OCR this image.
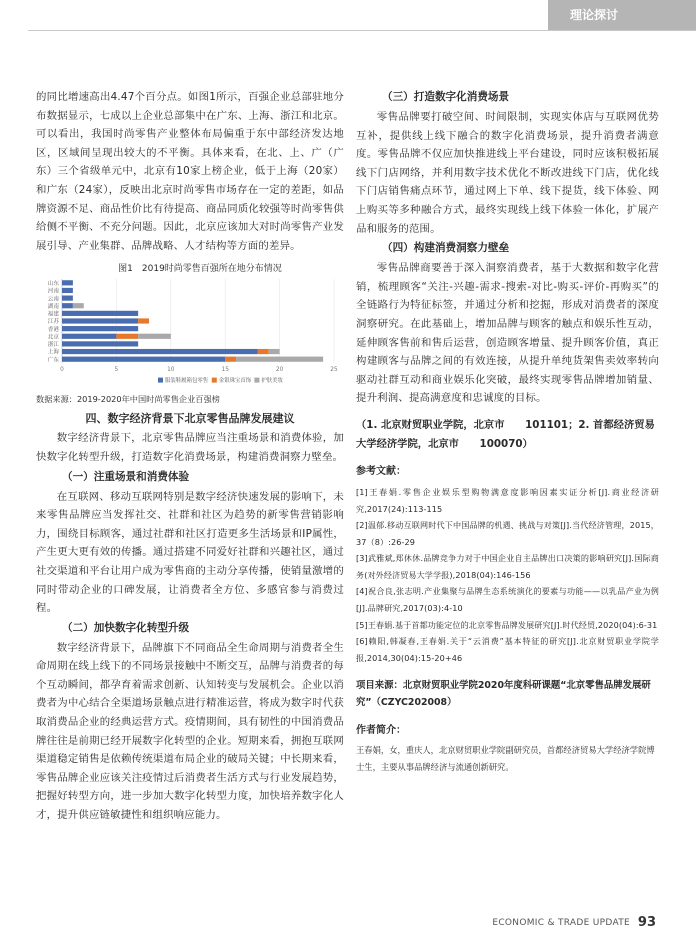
理论探讨

的同比增速高出4.47个百分点。如图1所示，百强企业总部驻地分布数据显示，七成以上企业总部集中在广东、上海、浙江和北京。可以看出，我国时尚零售产业整体布局偏重于东中部经济发达地区，区域间呈现出较大的不平衡。具体来看，在北、上、广（广东）三个省级单元中，北京有10家上榜企业，低于上海（20家）和广东（24家），反映出北京时尚零售市场存在一定的差距，如品牌资源不足、商品性价比有待提高、商品同质化较强等时尚零售供给侧不平衡、不充分问题。因此，北京应该加大对时尚零售产业发展引导、产业集群、品牌战略、人才结构等方面的差异。

图1　2019时尚零售百强所在地分布情况
山东
河南
云南
湖南
福建
江苏
香港
北京
浙江
上海
广东
0	5	10	15	20	25
服装鞋履箱包零售 金银珠宝首饰 护肤美妆
数据来源：2019-2020年中国时尚零售企业百强榜
四、数字经济背景下北京零售品牌发展建议

数字经济背景下，北京零售品牌应当注重场景和消费体验，加快数字化转型升级，打造数字化消费场景，构建消费洞察力壁垒。

（一）注重场景和消费体验

在互联网、移动互联网特别是数字经济快速发展的影响下，未来零售品牌应当发挥社交、社群和社区为趋势的新零售营销影响力，围绕目标顾客，通过社群和社区打造更多生活场景和IP属性，产生更大更有效的传播。通过搭建不同爱好社群和兴趣社区，通过社交渠道和平台让用户成为零售商的主动分享传播，使销量激增的同时带动企业的口碑发展，让消费者全方位、多感官参与消费过程。

（二）加快数字化转型升级

数字经济背景下，品牌旗下不同商品全生命周期与消费者全生命周期在线上线下的不同场景接触中不断交互，品牌与消费者的每个互动瞬间，都孕育着需求创新、认知转变与发展机会。企业以消费者为中心结合全渠道场景触点进行精准运营，将成为数字时代获取消费品企业的经典运营方式。疫情期间，具有韧性的中国消费品牌往往是前期已经开展数字化转型的企业。短期来看，拥抱互联网渠道稳定销售是依赖传统渠道布局企业的破局关键；中长期来看，零售品牌企业应该关注疫情过后消费者生活方式与行业发展趋势，把握好转型方向，进一步加大数字化转型力度，加快培养数字化人才，提升供应链敏捷性和组织响应能力。

（三）打造数字化消费场景

零售品牌要打破空间、时间限制，实现实体店与互联网优势互补，提供线上线下融合的数字化消费场景，提升消费者满意度。零售品牌不仅应加快推进线上平台建设，同时应该积极拓展线下门店网络，并利用数字技术优化不断改进线下门店，优化线下门店销售痛点环节，通过网上下单、线下提货，线下体验、网上购买等多种融合方式，最终实现线上线下体验一体化，扩展产品和服务的范围。

（四）构建消费洞察力壁垒

零售品牌商要善于深入洞察消费者，基于大数据和数字化营销，梳理顾客“关注-兴趣-需求-搜索-对比-购买-评价-再购买”的全链路行为特征标签，并通过分析和挖掘，形成对消费者的深度洞察研究。在此基础上，增加品牌与顾客的触点和娱乐性互动，延伸顾客售前和售后运营，创造顾客增量、提升顾客价值，真正构建顾客与品牌之间的有效连接，从提升单纯货架售卖效率转向驱动社群互动和商业娱乐化突破，最终实现零售品牌增加销量、提升利润、提高满意度和忠诚度的目标。

（1. 北京财贸职业学院，北京市　　101101；2. 首都经济贸易大学经济学院，北京市　　100070）
参考文献：
[1]王春娟.零售企业娱乐型购物满意度影响因素实证分析[J].商业经济研究,2017(24):113-115
[2]温郁.移动互联网时代下中国品牌的机遇、挑战与对策[J].当代经济管理，2015，37（8）:26-29
[3]武雅斌,郑休休.品牌竞争力对于中国企业自主品牌出口决策的影响研究[J].国际商务(对外经济贸易大学学报),2018(04):146-156
[4]祝合良,张志明.产业集聚与品牌生态系统演化的要素与功能——以乳品产业为例[J].品牌研究,2017(03):4-10
[5]王春娟.基于首都功能定位的北京零售品牌发展研究[J].时代经贸,2020(04):6-31
[6]赖阳,韩凝春,王春娟.关于“云消费”基本特征的研究[J].北京财贸职业学院学报,2014,30(04):15-20+46
项目来源：北京财贸职业学院2020年度科研课题“北京零售品牌发展研究”（CZYC202008）
作者简介：
王春娟，女，重庆人，北京财贸职业学院副研究员，首都经济贸易大学经济学院博士生，主要从事品牌经济与流通创新研究。
ECONOMIC & TRADE UPDATE 93
